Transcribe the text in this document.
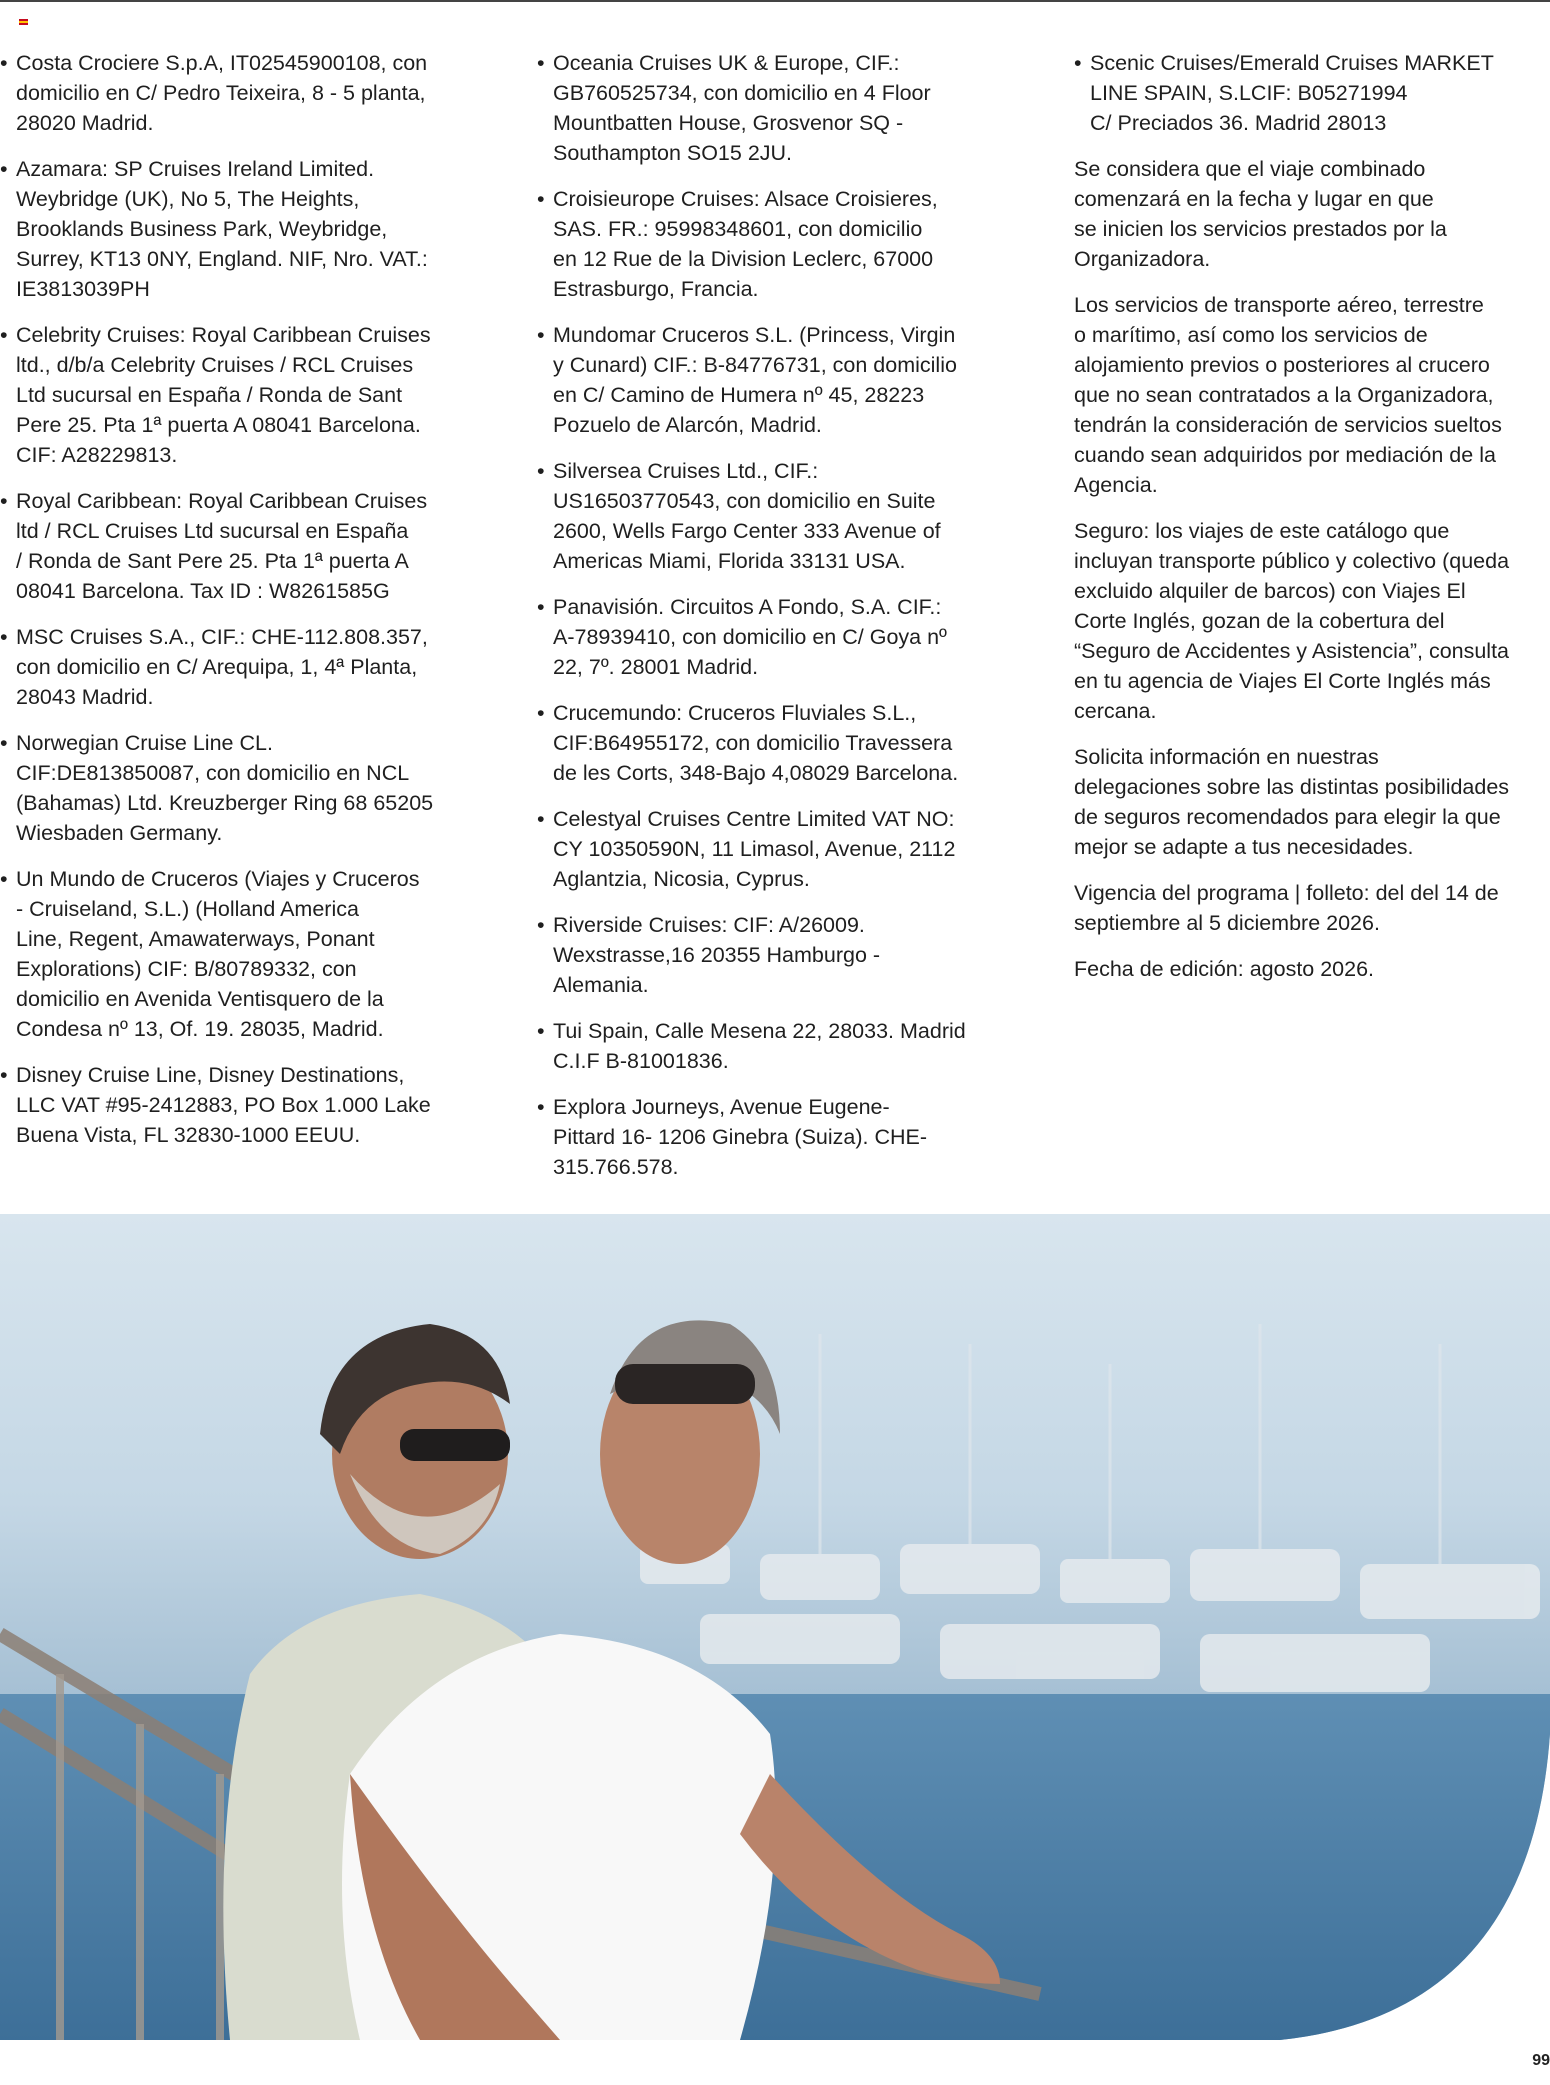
• Costa Crociere S.p.A, IT02545900108, con
domicilio en C/ Pedro Teixeira, 8 - 5 planta,
28020 Madrid.
• Azamara: SP Cruises Ireland Limited.
Weybridge (UK), No 5, The Heights,
Brooklands Business Park, Weybridge,
Surrey, KT13 0NY, England. NIF, Nro. VAT.:
IE3813039PH
• Celebrity Cruises: Royal Caribbean Cruises
ltd., d/b/a Celebrity Cruises / RCL Cruises
Ltd sucursal en España / Ronda de Sant
Pere 25. Pta 1ª puerta A 08041 Barcelona.
CIF: A28229813.
• Royal Caribbean: Royal Caribbean Cruises
ltd / RCL Cruises Ltd sucursal en España
/ Ronda de Sant Pere 25. Pta 1ª puerta A
08041 Barcelona. Tax ID : W8261585G
• MSC Cruises S.A., CIF.: CHE-112.808.357,
con domicilio en C/ Arequipa, 1, 4ª Planta,
28043 Madrid.
• Norwegian Cruise Line CL.
CIF:DE813850087, con domicilio en NCL
(Bahamas) Ltd. Kreuzberger Ring 68 65205
Wiesbaden Germany.
• Un Mundo de Cruceros (Viajes y Cruceros
- Cruiseland, S.L.) (Holland America
Line, Regent, Amawaterways, Ponant
Explorations) CIF: B/80789332, con
domicilio en Avenida Ventisquero de la
Condesa nº 13, Of. 19. 28035, Madrid.
• Disney Cruise Line, Disney Destinations,
LLC VAT #95-2412883, PO Box 1.000 Lake
Buena Vista, FL 32830-1000 EEUU.
• Oceania Cruises UK & Europe, CIF.:
GB760525734, con domicilio en 4 Floor
Mountbatten House, Grosvenor SQ -
Southampton SO15 2JU.
• Croisieurope Cruises: Alsace Croisieres,
SAS. FR.: 95998348601, con domicilio
en 12 Rue de la Division Leclerc, 67000
Estrasburgo, Francia.
• Mundomar Cruceros S.L. (Princess, Virgin
y Cunard) CIF.: B-84776731, con domicilio
en C/ Camino de Humera nº 45, 28223
Pozuelo de Alarcón, Madrid.
• Silversea Cruises Ltd., CIF.:
US16503770543, con domicilio en Suite
2600, Wells Fargo Center 333 Avenue of
Americas Miami, Florida 33131 USA.
• Panavisión. Circuitos A Fondo, S.A. CIF.:
A-78939410, con domicilio en C/ Goya nº
22, 7º. 28001 Madrid.
• Crucemundo: Cruceros Fluviales S.L.,
CIF:B64955172, con domicilio Travessera
de les Corts, 348-Bajo 4,08029 Barcelona.
• Celestyal Cruises Centre Limited VAT NO:
CY 10350590N, 11 Limasol, Avenue, 2112
Aglantzia, Nicosia, Cyprus.
• Riverside Cruises: CIF: A/26009.
Wexstrasse,16 20355 Hamburgo -
Alemania.
• Tui Spain, Calle Mesena 22, 28033. Madrid
C.I.F B-81001836.
• Explora Journeys, Avenue Eugene-
Pittard 16- 1206 Ginebra (Suiza). CHE-
315.766.578.
• Scenic Cruises/Emerald Cruises MARKET
LINE SPAIN, S.LCIF: B05271994
C/ Preciados 36. Madrid 28013

Se considera que el viaje combinado
comenzará en la fecha y lugar en que
se inicien los servicios prestados por la
Organizadora.

Los servicios de transporte aéreo, terrestre
o marítimo, así como los servicios de
alojamiento previos o posteriores al crucero
que no sean contratados a la Organizadora,
tendrán la consideración de servicios sueltos
cuando sean adquiridos por mediación de la
Agencia.

Seguro: los viajes de este catálogo que
incluyan transporte público y colectivo (queda
excluido alquiler de barcos) con Viajes El
Corte Inglés, gozan de la cobertura del
“Seguro de Accidentes y Asistencia”, consulta
en tu agencia de Viajes El Corte Inglés más
cercana.

Solicita información en nuestras
delegaciones sobre las distintas posibilidades
de seguros recomendados para elegir la que
mejor se adapte a tus necesidades.

Vigencia del programa | folleto: del del 14 de
septiembre al 5 diciembre 2026.

Fecha de edición: agosto 2026.

99
